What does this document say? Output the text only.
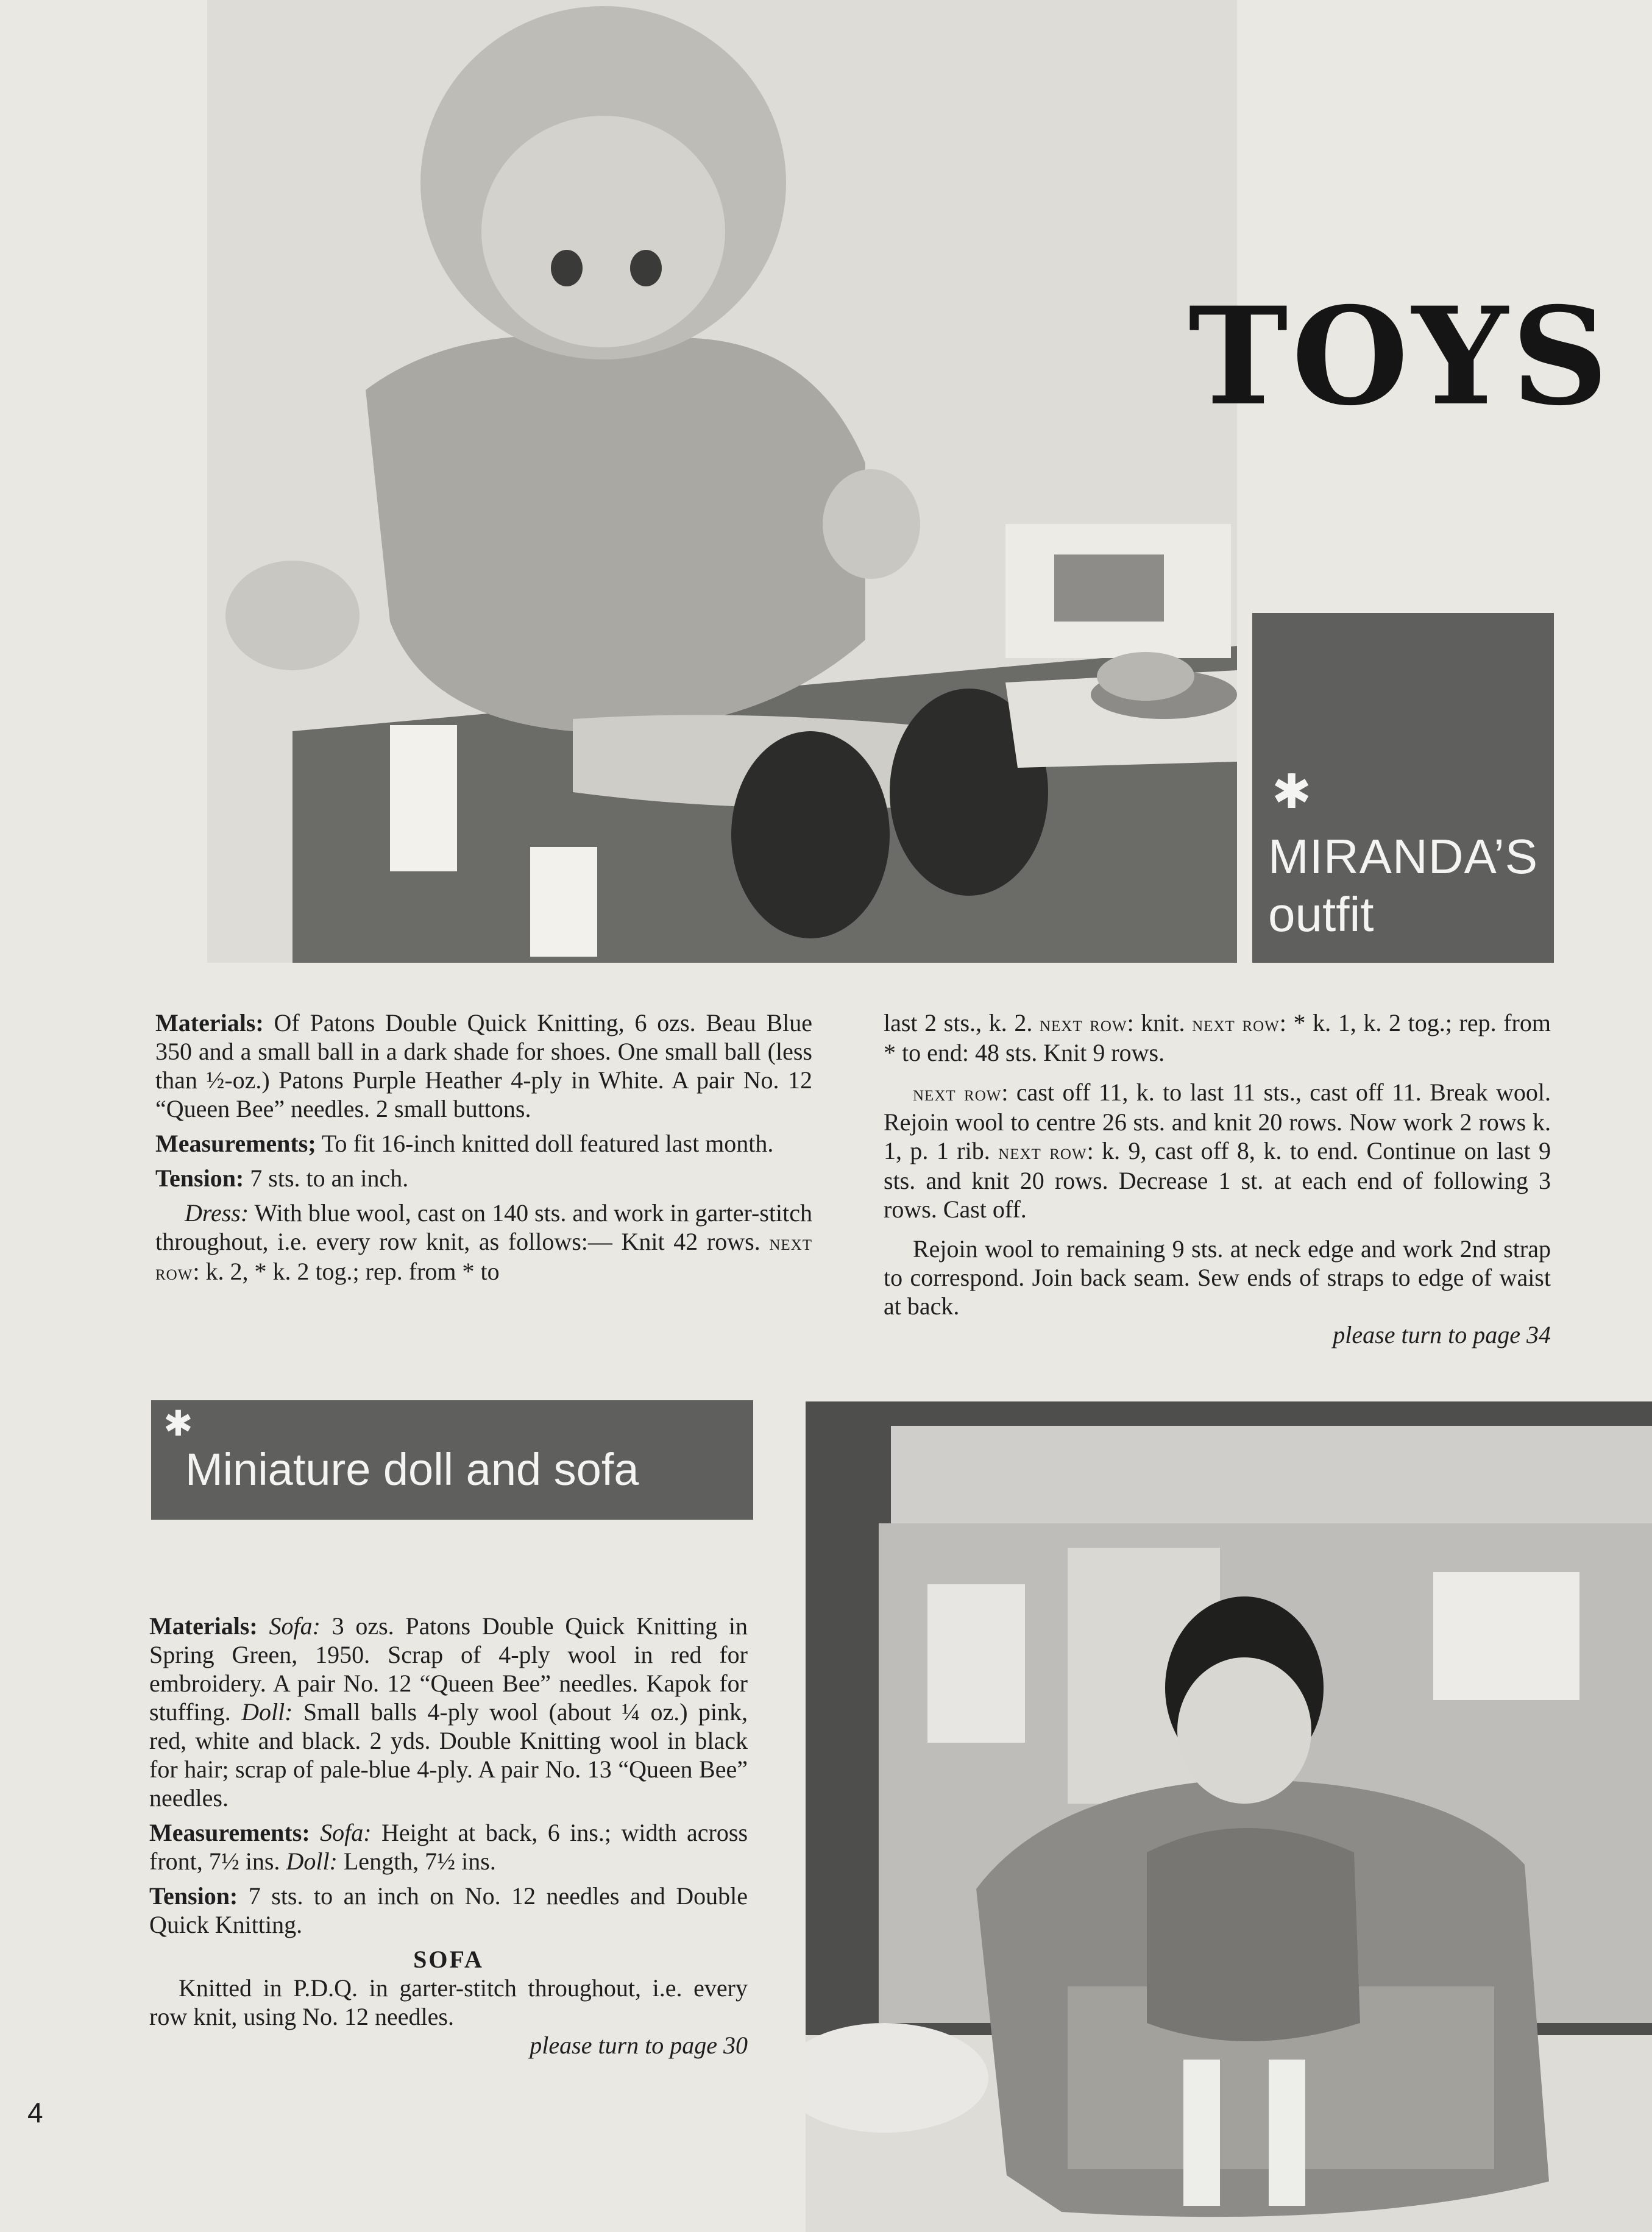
TOYS
✱
MIRANDA’S
outfit

Materials: Of Patons Double Quick Knitting, 6 ozs. Beau Blue 350 and a small ball in a dark shade for shoes. One small ball (less than ½-oz.) Patons Purple Heather 4-ply in White. A pair No. 12 “Queen Bee” needles. 2 small buttons.

Measurements; To fit 16-inch knitted doll featured last month.

Tension: 7 sts. to an inch.

Dress: With blue wool, cast on 140 sts. and work in garter-stitch throughout, i.e. every row knit, as follows:— Knit 42 rows. next row: k. 2, * k. 2 tog.; rep. from * to

last 2 sts., k. 2. next row: knit. next row: * k. 1, k. 2 tog.; rep. from * to end: 48 sts. Knit 9 rows.

next row: cast off 11, k. to last 11 sts., cast off 11. Break wool. Rejoin wool to centre 26 sts. and knit 20 rows. Now work 2 rows k. 1, p. 1 rib. next row: k. 9, cast off 8, k. to end. Continue on last 9 sts. and knit 20 rows. Decrease 1 st. at each end of following 3 rows. Cast off.

Rejoin wool to remaining 9 sts. at neck edge and work 2nd strap to correspond. Join back seam. Sew ends of straps to edge of waist at back.

please turn to page 34
✱
Miniature doll and sofa

Materials: Sofa: 3 ozs. Patons Double Quick Knitting in Spring Green, 1950. Scrap of 4-ply wool in red for embroidery. A pair No. 12 “Queen Bee” needles. Kapok for stuffing. Doll: Small balls 4-ply wool (about ¼ oz.) pink, red, white and black. 2 yds. Double Knitting wool in black for hair; scrap of pale-blue 4-ply. A pair No. 13 “Queen Bee” needles.

Measurements: Sofa: Height at back, 6 ins.; width across front, 7½ ins. Doll: Length, 7½ ins.

Tension: 7 sts. to an inch on No. 12 needles and Double Quick Knitting.

SOFA

Knitted in P.D.Q. in garter-stitch throughout, i.e. every row knit, using No. 12 needles.

please turn to page 30
4
